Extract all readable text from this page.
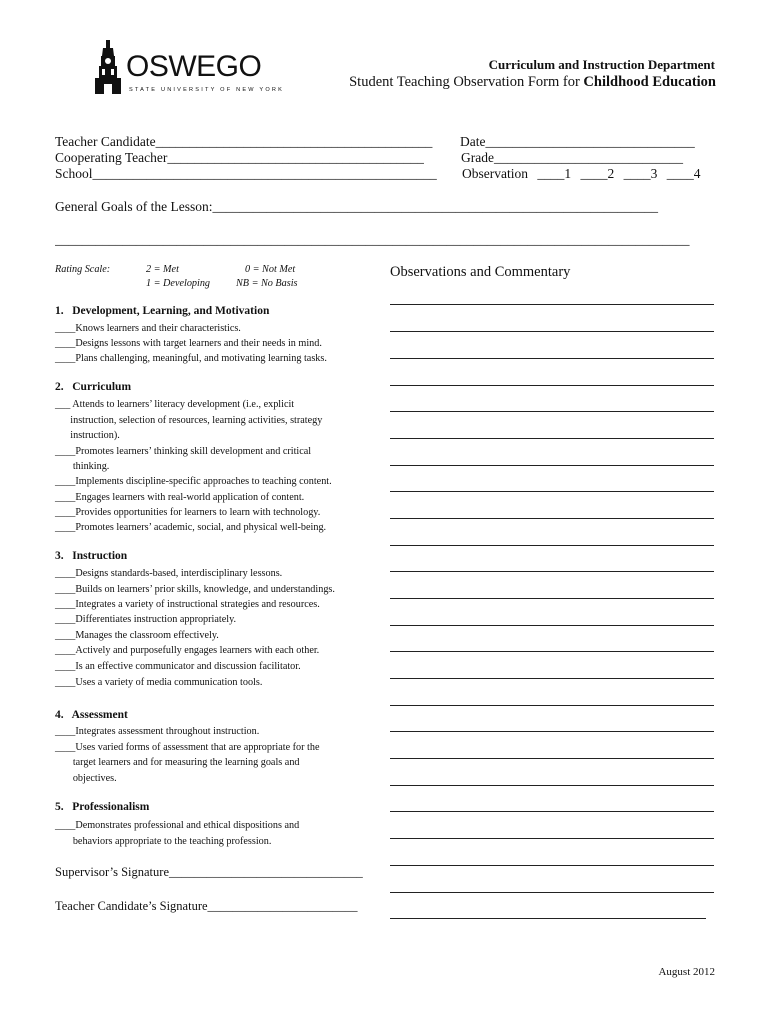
OSWEGO
STATE UNIVERSITY OF NEW YORK
Curriculum and Instruction Department
Student Teaching Observation Form for Childhood Education
Teacher Candidate_________________________________________
Cooperating Teacher______________________________________
School___________________________________________________
Date_______________________________
Grade____________________________
Observation ____1 ____2 ____3 ____4
General Goals of the Lesson:__________________________________________________________________
______________________________________________________________________________________________
Rating Scale:	2 = Met
1 = Developing
0 = Not Met
NB = No Basis
Observations and Commentary
1.   Development, Learning, and Motivation
____Knows learners and their characteristics.
____Designs lessons with target learners and their needs in mind.
____Plans challenging, meaningful, and motivating learning tasks.
2.   Curriculum
___ Attends to learners’ literacy development (i.e., explicit
instruction, selection of resources, learning activities, strategy
instruction).
____Promotes learners’ thinking skill development and critical
thinking.
____Implements discipline-specific approaches to teaching content.
____Engages learners with real-world application of content.
____Provides opportunities for learners to learn with technology.
____Promotes learners’ academic, social, and physical well-being.
3.   Instruction
____Designs standards-based, interdisciplinary lessons.
____Builds on learners’ prior skills, knowledge, and understandings.
____Integrates a variety of instructional strategies and resources.
____Differentiates instruction appropriately.
____Manages the classroom effectively.
____Actively and purposefully engages learners with each other.
____Is an effective communicator and discussion facilitator.
____Uses a variety of media communication tools.
4.   Assessment
____Integrates assessment throughout instruction.
____Uses varied forms of assessment that are appropriate for the
target learners and for measuring the learning goals and
objectives.
5.   Professionalism
____Demonstrates professional and ethical dispositions and
behaviors appropriate to the teaching profession.
Supervisor’s Signature_______________________________
Teacher Candidate’s Signature________________________
August 2012
